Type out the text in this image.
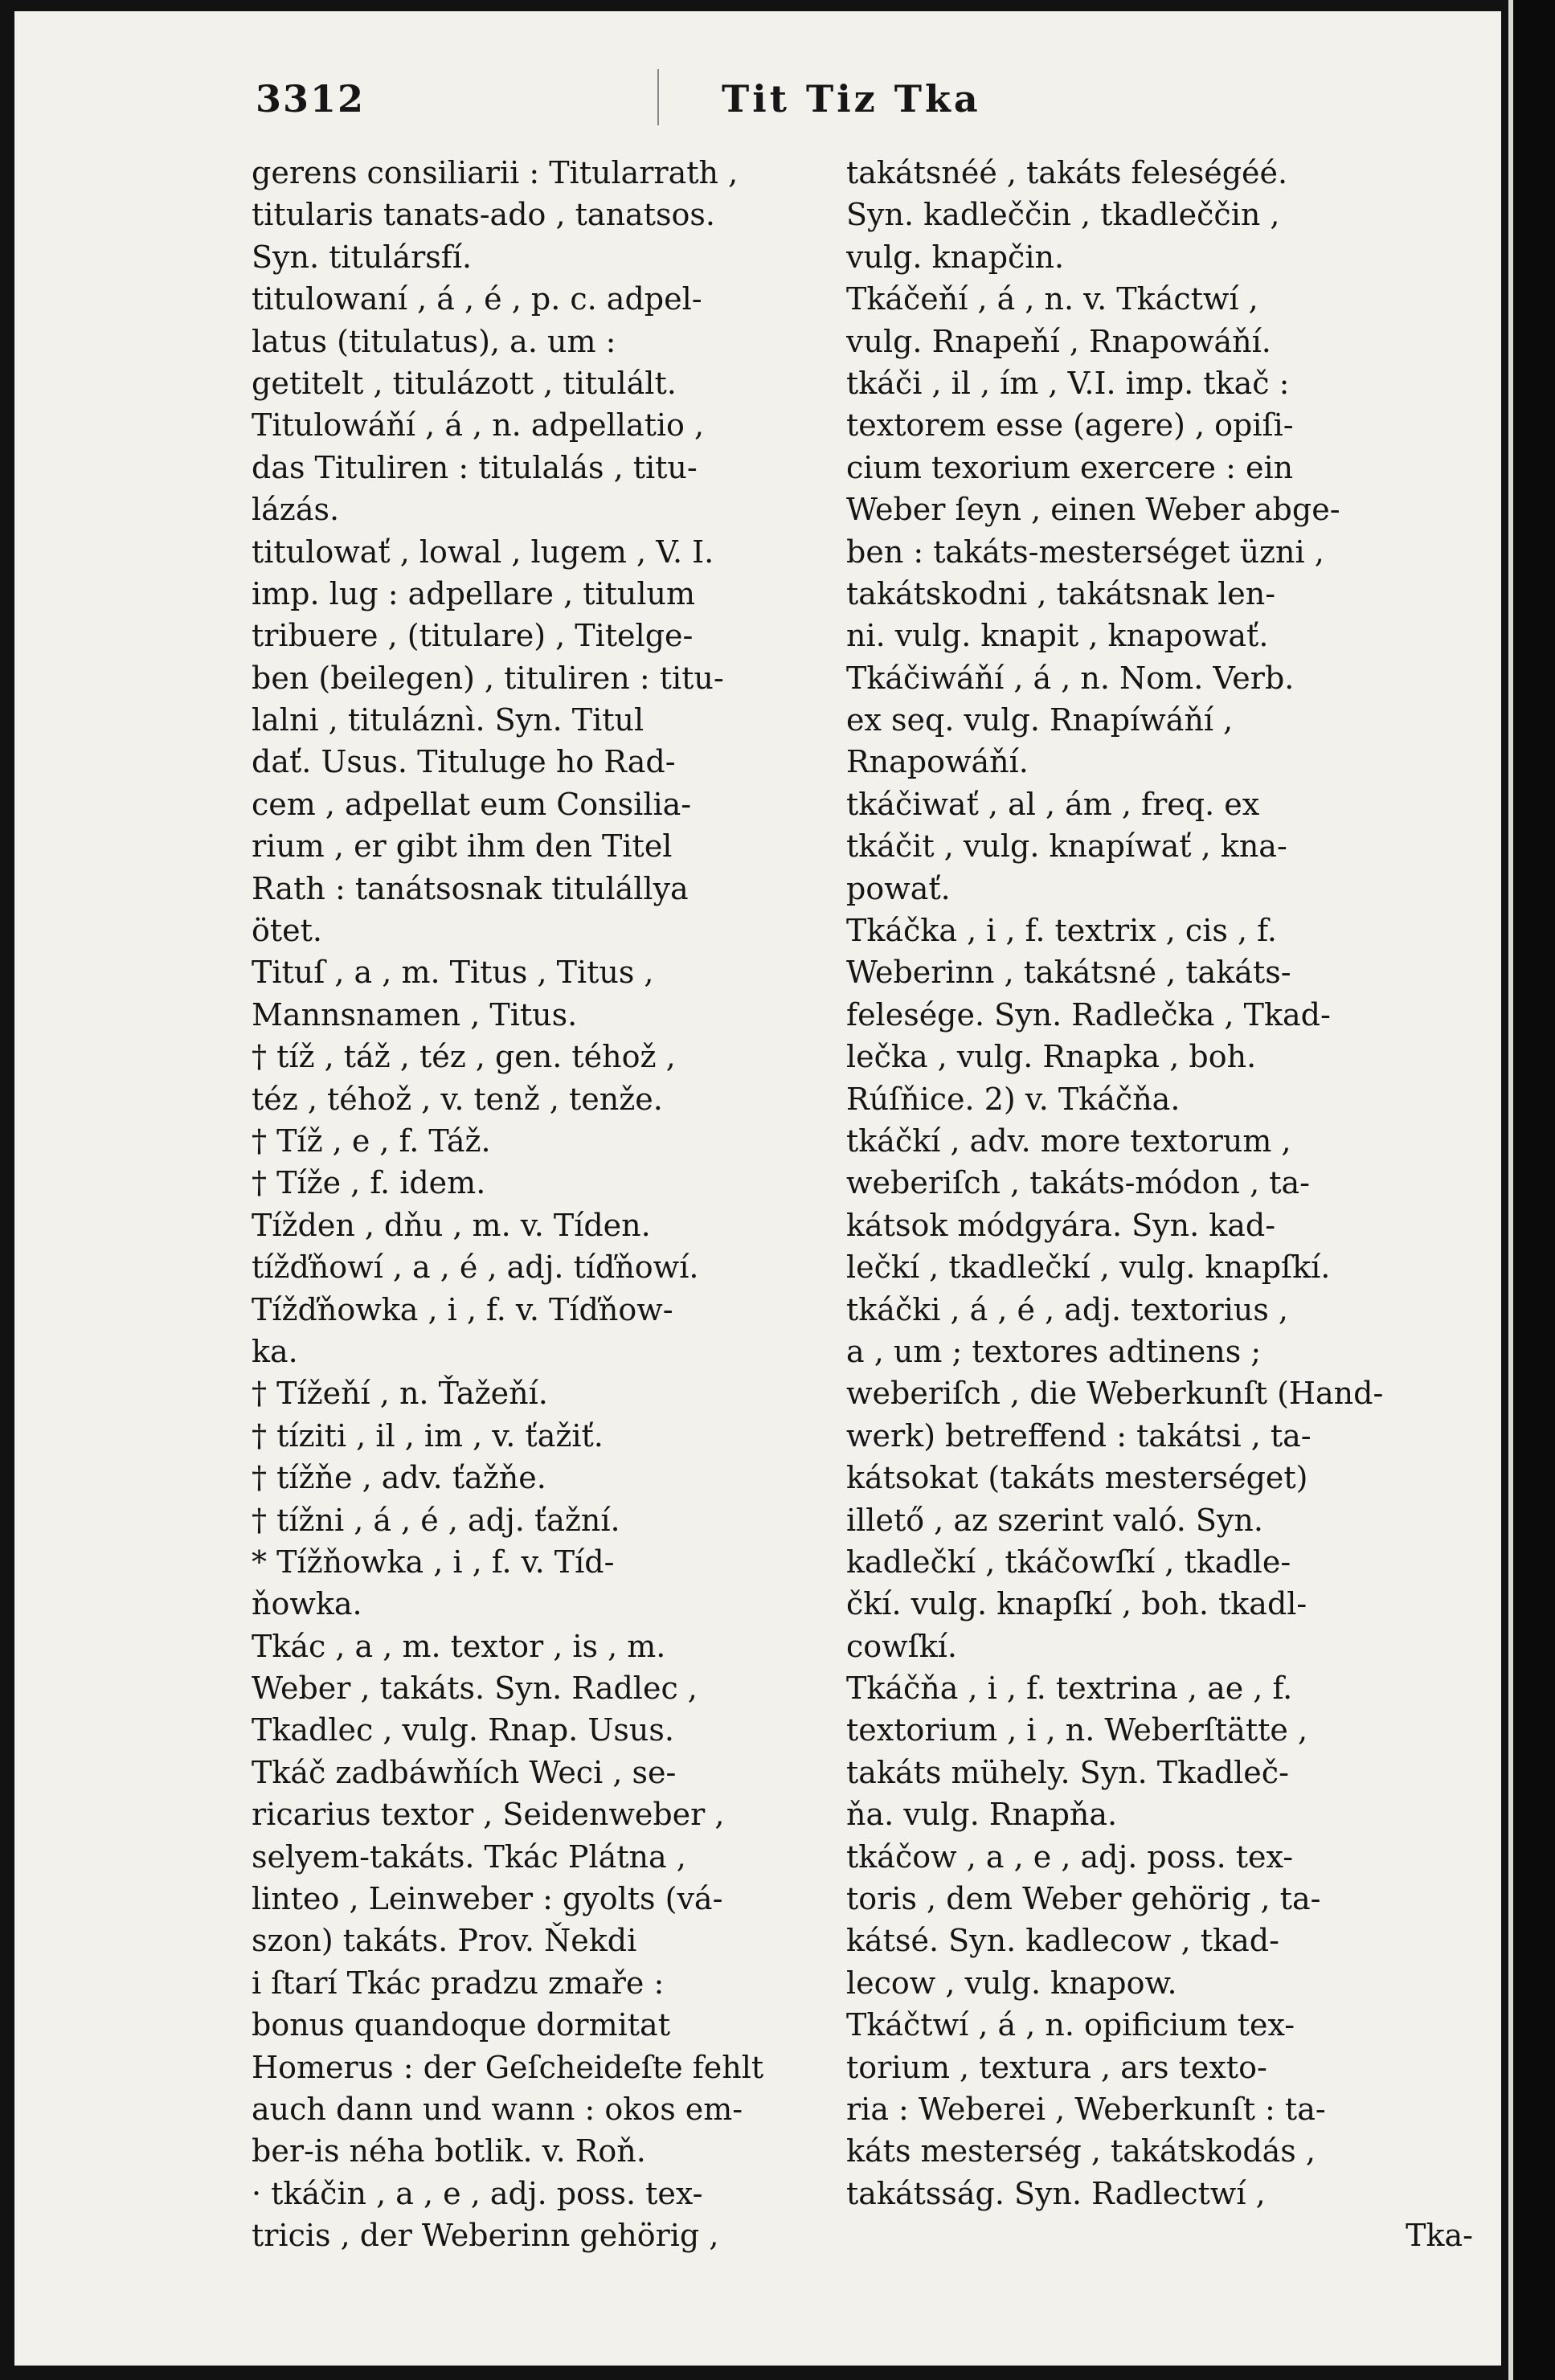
3312	Tit Tiz Tka
gerens consiliarii : Titularrath ,
titularis tanats-ado , tanatsos.
Syn. titulársfí.
titulowaní , á , é , p. c. adpel-
latus (titulatus), a. um :
getitelt , titulázott , titulált.
Titulowáňí , á , n. adpellatio ,
das Tituliren : titulalás , titu-
lázás.
titulowať , lowal , lugem , V. I.
imp. lug : adpellare , titulum
tribuere , (titulare) , Titelge-
ben (beilegen) , tituliren : titu-
lalni , tituláznì. Syn. Titul
dať. Usus. Tituluge ho Rad-
cem , adpellat eum Consilia-
rium , er gibt ihm den Titel
Rath : tanátsosnak titulállya
ötet.
Tituſ , a , m. Titus , Titus ,
Mannsnamen , Titus.
† tíž , táž , téz , gen. téhož ,
téz , téhož , v. tenž , tenže.
† Tíž , e , f. Táž.
† Tíže , f. idem.
Tížden , dňu , m. v. Tíden.
tížďňowí , a , é , adj. tíďňowí.
Tížďňowka , i , f. v. Tíďňow-
ka.
† Tížeňí , n. Ťažeňí.
† tíziti , il , im , v. ťažiť.
† tížňe , adv. ťažňe.
† tížni , á , é , adj. ťažní.
* Tížňowka , i , f. v. Tíd-
ňowka.
Tkác , a , m. textor , is , m.
Weber , takáts. Syn. Radlec ,
Tkadlec , vulg. Rnap. Usus.
Tkáč zadbáwňích Weci , se-
ricarius textor , Seidenweber ,
selyem-takáts. Tkác Plátna ,
linteo , Leinweber : gyolts (vá-
szon) takáts. Prov. Ňekdi
i ſtarí Tkác pradzu zmaře :
bonus quandoque dormitat
Homerus : der Geſcheideſte fehlt
auch dann und wann : okos em-
ber-is néha botlik. v. Roň.
· tkáčin , a , e , adj. poss. tex-
tricis , der Weberinn gehörig ,
takátsnéé , takáts feleségéé.
Syn. kadleččin , tkadleččin ,
vulg. knapčin.
Tkáčeňí , á , n. v. Tkáctwí ,
vulg. Rnapeňí , Rnapowáňí.
tkáči , il , ím , V.I. imp. tkač :
textorem esse (agere) , opiſi-
cium texorium exercere : ein
Weber ſeyn , einen Weber abge-
ben : takáts-mesterséget üzni ,
takátskodni , takátsnak len-
ni. vulg. knapit , knapowať.
Tkáčiwáňí , á , n. Nom. Verb.
ex seq. vulg. Rnapíwáňí ,
Rnapowáňí.
tkáčiwať , al , ám , freq. ex
tkáčit , vulg. knapíwať , kna-
powať.
Tkáčka , i , f. textrix , cis , f.
Weberinn , takátsné , takáts-
felesége. Syn. Radlečka , Tkad-
lečka , vulg. Rnapka , boh.
Rúſňice. 2) v. Tkáčňa.
tkáčkí , adv. more textorum ,
weberiſch , takáts-módon , ta-
kátsok módgyára. Syn. kad-
lečkí , tkadlečkí , vulg. knapſkí.
tkáčki , á , é , adj. textorius ,
a , um ; textores adtinens ;
weberiſch , die Weberkunſt (Hand-
werk) betreffend : takátsi , ta-
kátsokat (takáts mesterséget)
illető , az szerint való. Syn.
kadlečkí , tkáčowſkí , tkadle-
čkí. vulg. knapſkí , boh. tkadl-
cowſkí.
Tkáčňa , i , f. textrina , ae , f.
textorium , i , n. Weberſtätte ,
takáts mühely. Syn. Tkadleč-
ňa. vulg. Rnapňa.
tkáčow , a , e , adj. poss. tex-
toris , dem Weber gehörig , ta-
kátsé. Syn. kadlecow , tkad-
lecow , vulg. knapow.
Tkáčtwí , á , n. opificium tex-
torium , textura , ars texto-
ria : Weberei , Weberkunſt : ta-
káts mesterség , takátskodás ,
takátsság. Syn. Radlectwí ,
Tka-
